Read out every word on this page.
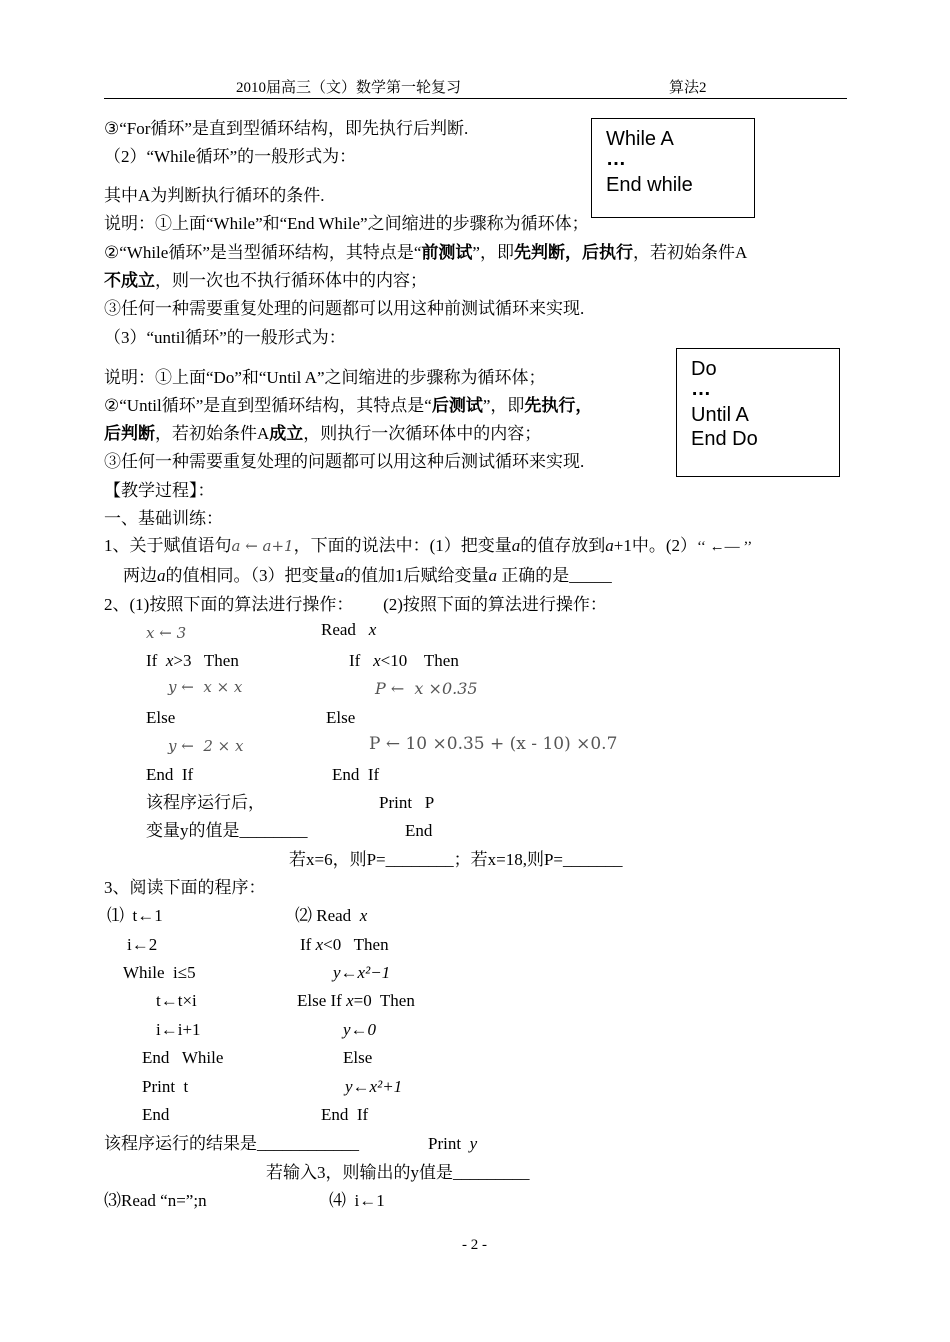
2010届高三（文）数学第一轮复习	算法2
While A
…
End while
Do
…
Until A
End Do
③“For循环”是直到型循环结构，即先执行后判断.
（2）“While循环”的一般形式为：
其中A为判断执行循环的条件.
说明：①上面“While”和“End While”之间缩进的步骤称为循环体；
②“While循环”是当型循环结构，其特点是“前测试”，即先判断，后执行，若初始条件A
不成立，则一次也不执行循环体中的内容；
③任何一种需要重复处理的问题都可以用这种前测试循环来实现.
（3）“until循环”的一般形式为：
说明：①上面“Do”和“Until A”之间缩进的步骤称为循环体；
②“Until循环”是直到型循环结构，其特点是“后测试”，即先执行，
后判断，若初始条件A成立，则执行一次循环体中的内容；
③任何一种需要重复处理的问题都可以用这种后测试循环来实现.
【教学过程】：
一、基础训练：
1、关于赋值语句a ← a+1，下面的说法中：(1）把变量a的值存放到a+1中。(2）‘‘ ←— ’’
两边a的值相同。（3）把变量a的值加1后赋给变量a 正确的是_____
2、(1)按照下面的算法进行操作：       (2)按照下面的算法进行操作：
x ← 3
If  x>3   Then
y ←  x × x
Else
y ←  2 × x
End  If
该程序运行后，
变量y的值是________
Read   x
If   x<10    Then
P ←  x ×0.35
Else
P ← 10 ×0.35 + (x - 10) ×0.7
End  If
Print   P
End
若x=6，则P=________；若x=18,则P=_______
3、阅读下面的程序：
⑴  t←1
i←2
While  i≤5
t←t×i
i←i+1
End   While
Print  t
End
⑵ Read  x
If x<0   Then
y←x²−1
Else If x=0  Then
y←0
Else
y←x²+1
End  If
该程序运行的结果是____________	Print  y
若输入3，则输出的y值是_________
⑶Read “n=”;n	⑷  i←1
- 2 -
